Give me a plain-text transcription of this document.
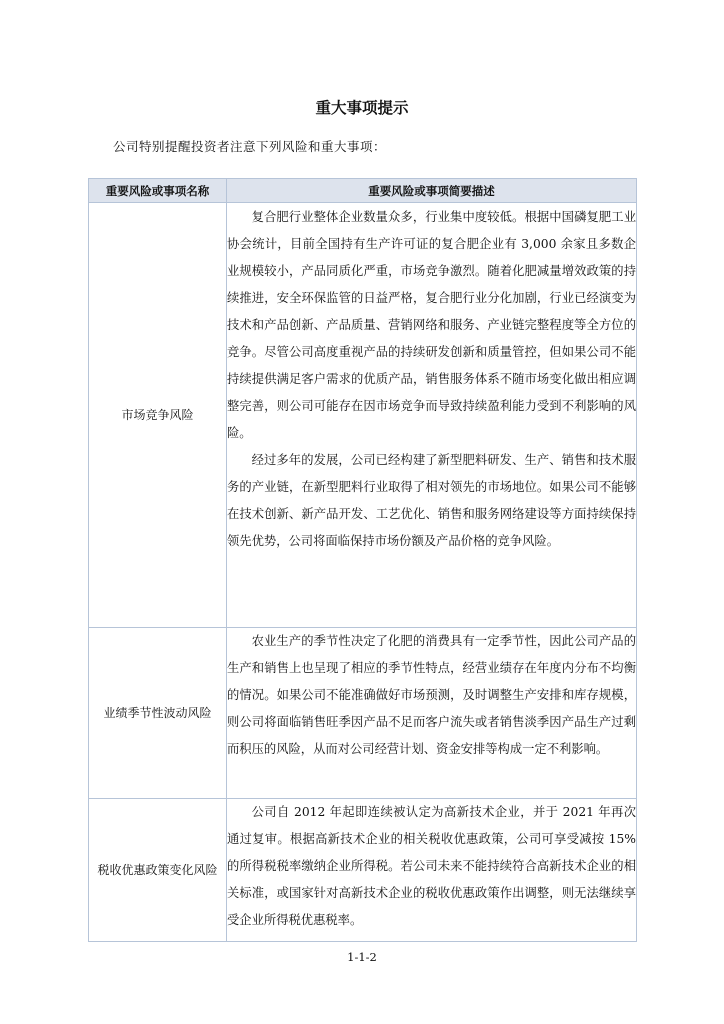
重大事项提示
公司特别提醒投资者注意下列风险和重大事项：
重要风险或事项名称	重要风险或事项简要描述
市场竞争风险	复合肥行业整体企业数量众多，行业集中度较低。根据中国磷复肥工业协会统计，目前全国持有生产许可证的复合肥企业有 3,000 余家且多数企业规模较小，产品同质化严重，市场竞争激烈。随着化肥减量增效政策的持续推进，安全环保监管的日益严格，复合肥行业分化加剧，行业已经演变为技术和产品创新、产品质量、营销网络和服务、产业链完整程度等全方位的竞争。尽管公司高度重视产品的持续研发创新和质量管控，但如果公司不能持续提供满足客户需求的优质产品，销售服务体系不随市场变化做出相应调整完善，则公司可能存在因市场竞争而导致持续盈利能力受到不利影响的风险。

经过多年的发展，公司已经构建了新型肥料研发、生产、销售和技术服务的产业链，在新型肥料行业取得了相对领先的市场地位。如果公司不能够在技术创新、新产品开发、工艺优化、销售和服务网络建设等方面持续保持领先优势，公司将面临保持市场份额及产品价格的竞争风险。

业绩季节性波动风险	农业生产的季节性决定了化肥的消费具有一定季节性，因此公司产品的生产和销售上也呈现了相应的季节性特点，经营业绩存在年度内分布不均衡的情况。如果公司不能准确做好市场预测，及时调整生产安排和库存规模，则公司将面临销售旺季因产品不足而客户流失或者销售淡季因产品生产过剩而积压的风险，从而对公司经营计划、资金安排等构成一定不利影响。

税收优惠政策变化风险	公司自 2012 年起即连续被认定为高新技术企业，并于 2021 年再次通过复审。根据高新技术企业的相关税收优惠政策，公司可享受减按 15%的所得税税率缴纳企业所得税。若公司未来不能持续符合高新技术企业的相关标准，或国家针对高新技术企业的税收优惠政策作出调整，则无法继续享受企业所得税优惠税率。

1-1-2
